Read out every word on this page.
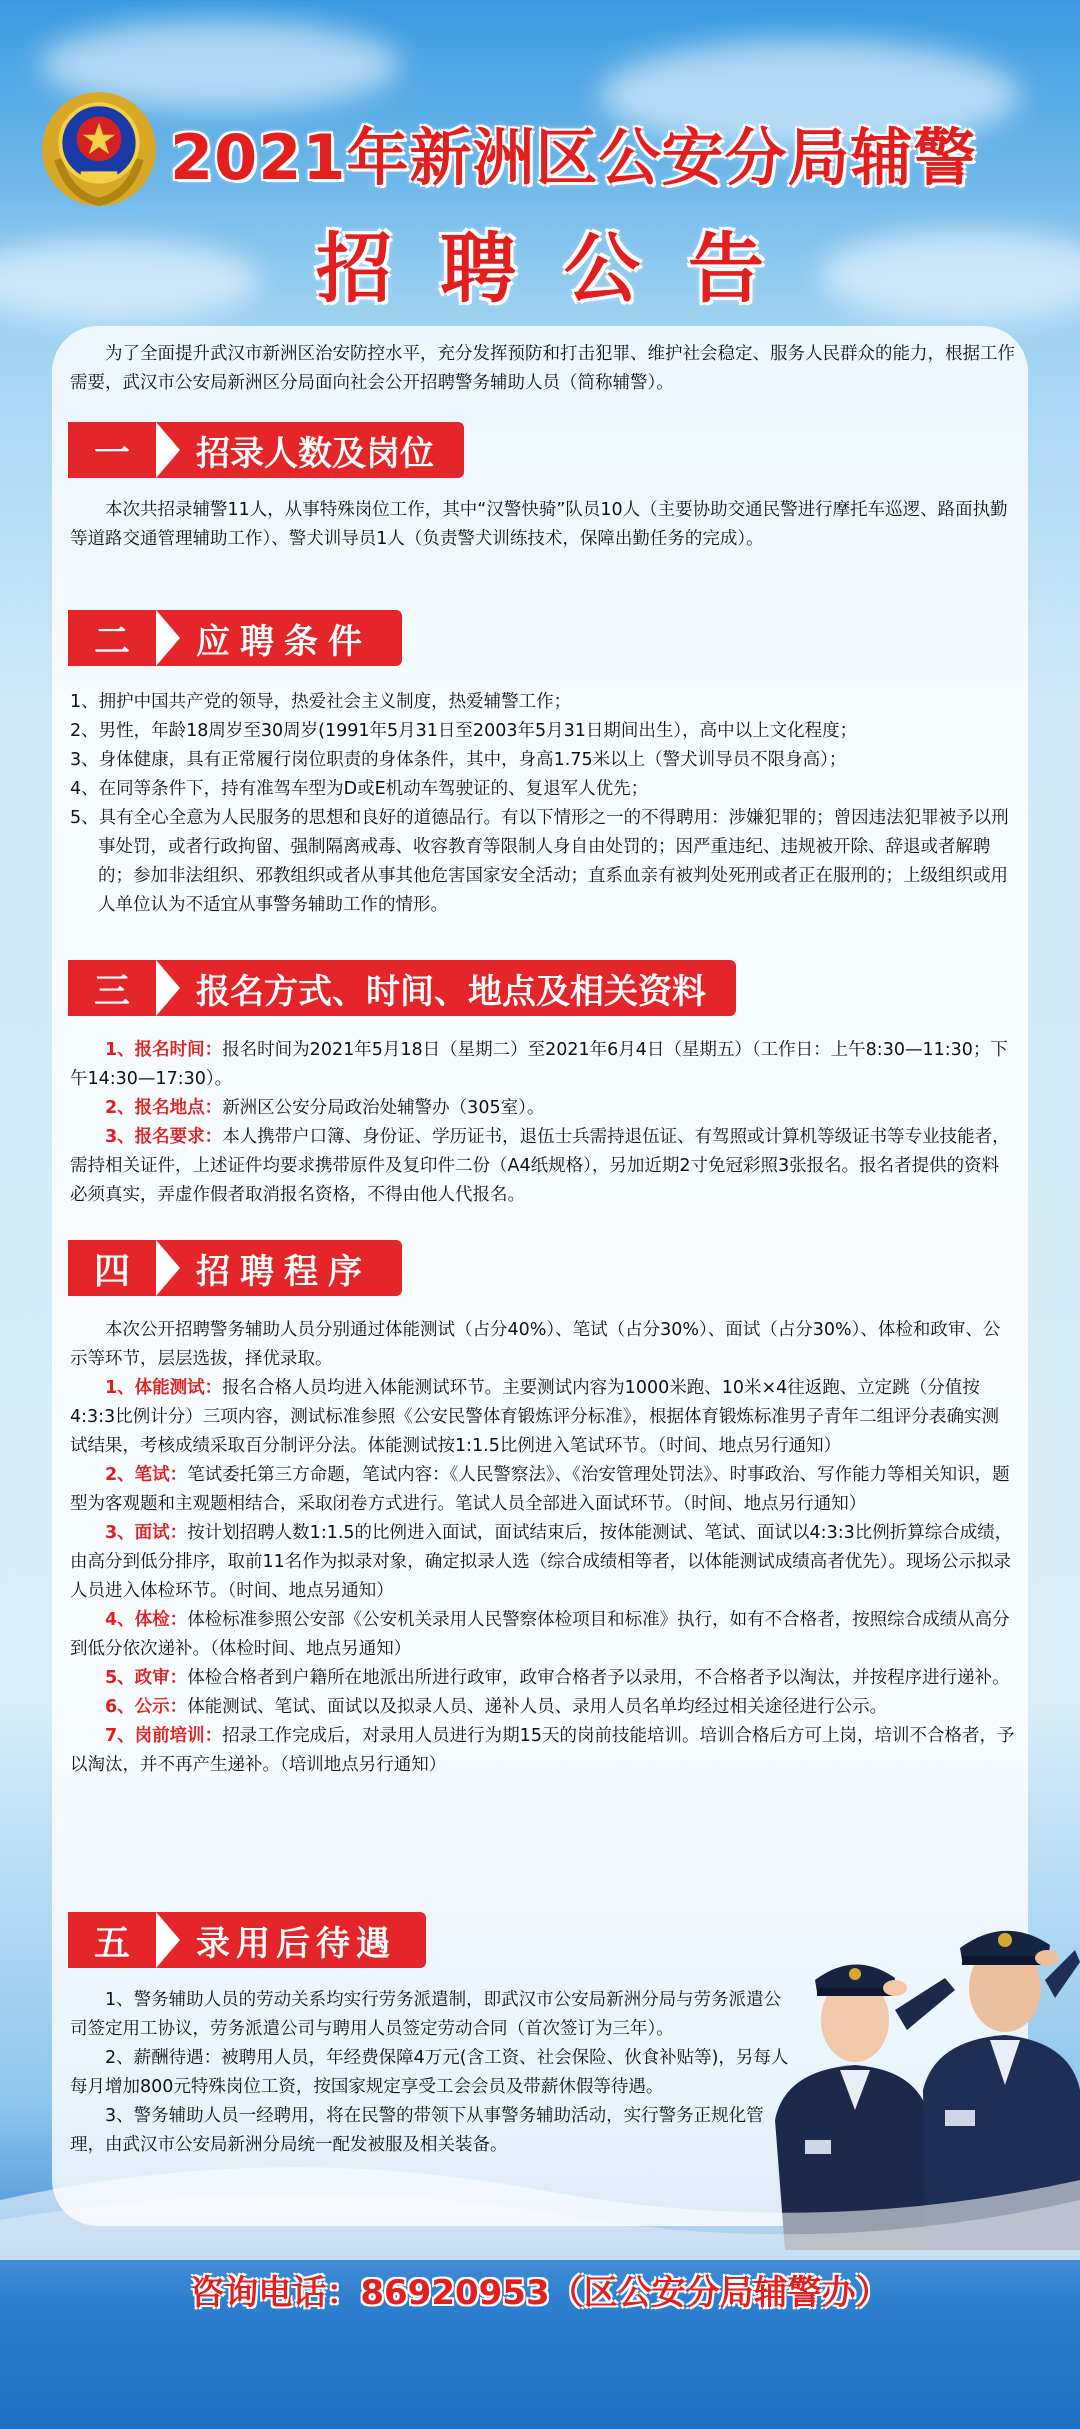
2021年新洲区公安分局辅警
招聘公告
为了全面提升武汉市新洲区治安防控水平，充分发挥预防和打击犯罪、维护社会稳定、服务人民群众的能力，根据工作需要，武汉市公安局新洲区分局面向社会公开招聘警务辅助人员（简称辅警）。
一	招录人数及岗位
本次共招录辅警11人，从事特殊岗位工作，其中“汉警快骑”队员10人（主要协助交通民警进行摩托车巡逻、路面执勤等道路交通管理辅助工作）、警犬训导员1人（负责警犬训练技术，保障出勤任务的完成）。
二	应聘条件

1、拥护中国共产党的领导，热爱社会主义制度，热爱辅警工作；

2、男性，年龄18周岁至30周岁(1991年5月31日至2003年5月31日期间出生），高中以上文化程度；

3、身体健康，具有正常履行岗位职责的身体条件，其中，身高1.75米以上（警犬训导员不限身高）；

4、在同等条件下，持有准驾车型为D或E机动车驾驶证的、复退军人优先；

5、具有全心全意为人民服务的思想和良好的道德品行。有以下情形之一的不得聘用：涉嫌犯罪的；曾因违法犯罪被予以刑事处罚，或者行政拘留、强制隔离戒毒、收容教育等限制人身自由处罚的；因严重违纪、违规被开除、辞退或者解聘的；参加非法组织、邪教组织或者从事其他危害国家安全活动；直系血亲有被判处死刑或者正在服刑的；上级组织或用人单位认为不适宜从事警务辅助工作的情形。

三	报名方式、时间、地点及相关资料

1、报名时间：报名时间为2021年5月18日（星期二）至2021年6月4日（星期五）（工作日：上午8:30—11:30；下午14:30—17:30）。

2、报名地点：新洲区公安分局政治处辅警办（305室）。

3、报名要求：本人携带户口簿、身份证、学历证书，退伍士兵需持退伍证、有驾照或计算机等级证书等专业技能者，需持相关证件，上述证件均要求携带原件及复印件二份（A4纸规格），另加近期2寸免冠彩照3张报名。报名者提供的资料必须真实，弄虚作假者取消报名资格，不得由他人代报名。

四	招聘程序

本次公开招聘警务辅助人员分别通过体能测试（占分40%）、笔试（占分30%）、面试（占分30%）、体检和政审、公示等环节，层层选拔，择优录取。

1、体能测试：报名合格人员均进入体能测试环节。主要测试内容为1000米跑、10米×4往返跑、立定跳（分值按4:3:3比例计分）三项内容，测试标准参照《公安民警体育锻炼评分标准》，根据体育锻炼标准男子青年二组评分表确实测试结果，考核成绩采取百分制评分法。体能测试按1:1.5比例进入笔试环节。（时间、地点另行通知）

2、笔试：笔试委托第三方命题，笔试内容：《人民警察法》、《治安管理处罚法》、时事政治、写作能力等相关知识，题型为客观题和主观题相结合，采取闭卷方式进行。笔试人员全部进入面试环节。（时间、地点另行通知）

3、面试：按计划招聘人数1:1.5的比例进入面试，面试结束后，按体能测试、笔试、面试以4:3:3比例折算综合成绩，由高分到低分排序，取前11名作为拟录对象，确定拟录人选（综合成绩相等者，以体能测试成绩高者优先）。现场公示拟录人员进入体检环节。（时间、地点另通知）

4、体检：体检标准参照公安部《公安机关录用人民警察体检项目和标准》执行，如有不合格者，按照综合成绩从高分到低分依次递补。（体检时间、地点另通知）

5、政审：体检合格者到户籍所在地派出所进行政审，政审合格者予以录用，不合格者予以淘汰，并按程序进行递补。

6、公示：体能测试、笔试、面试以及拟录人员、递补人员、录用人员名单均经过相关途径进行公示。

7、岗前培训：招录工作完成后，对录用人员进行为期15天的岗前技能培训。培训合格后方可上岗，培训不合格者，予以淘汰，并不再产生递补。（培训地点另行通知）

五	录用后待遇

1、警务辅助人员的劳动关系均实行劳务派遣制，即武汉市公安局新洲分局与劳务派遣公司签定用工协议，劳务派遣公司与聘用人员签定劳动合同（首次签订为三年）。

2、薪酬待遇：被聘用人员，年经费保障4万元(含工资、社会保险、伙食补贴等)，另每人每月增加800元特殊岗位工资，按国家规定享受工会会员及带薪休假等待遇。

3、警务辅助人员一经聘用，将在民警的带领下从事警务辅助活动，实行警务正规化管理，由武汉市公安局新洲分局统一配发被服及相关装备。

咨询电话：86920953（区公安分局辅警办）
